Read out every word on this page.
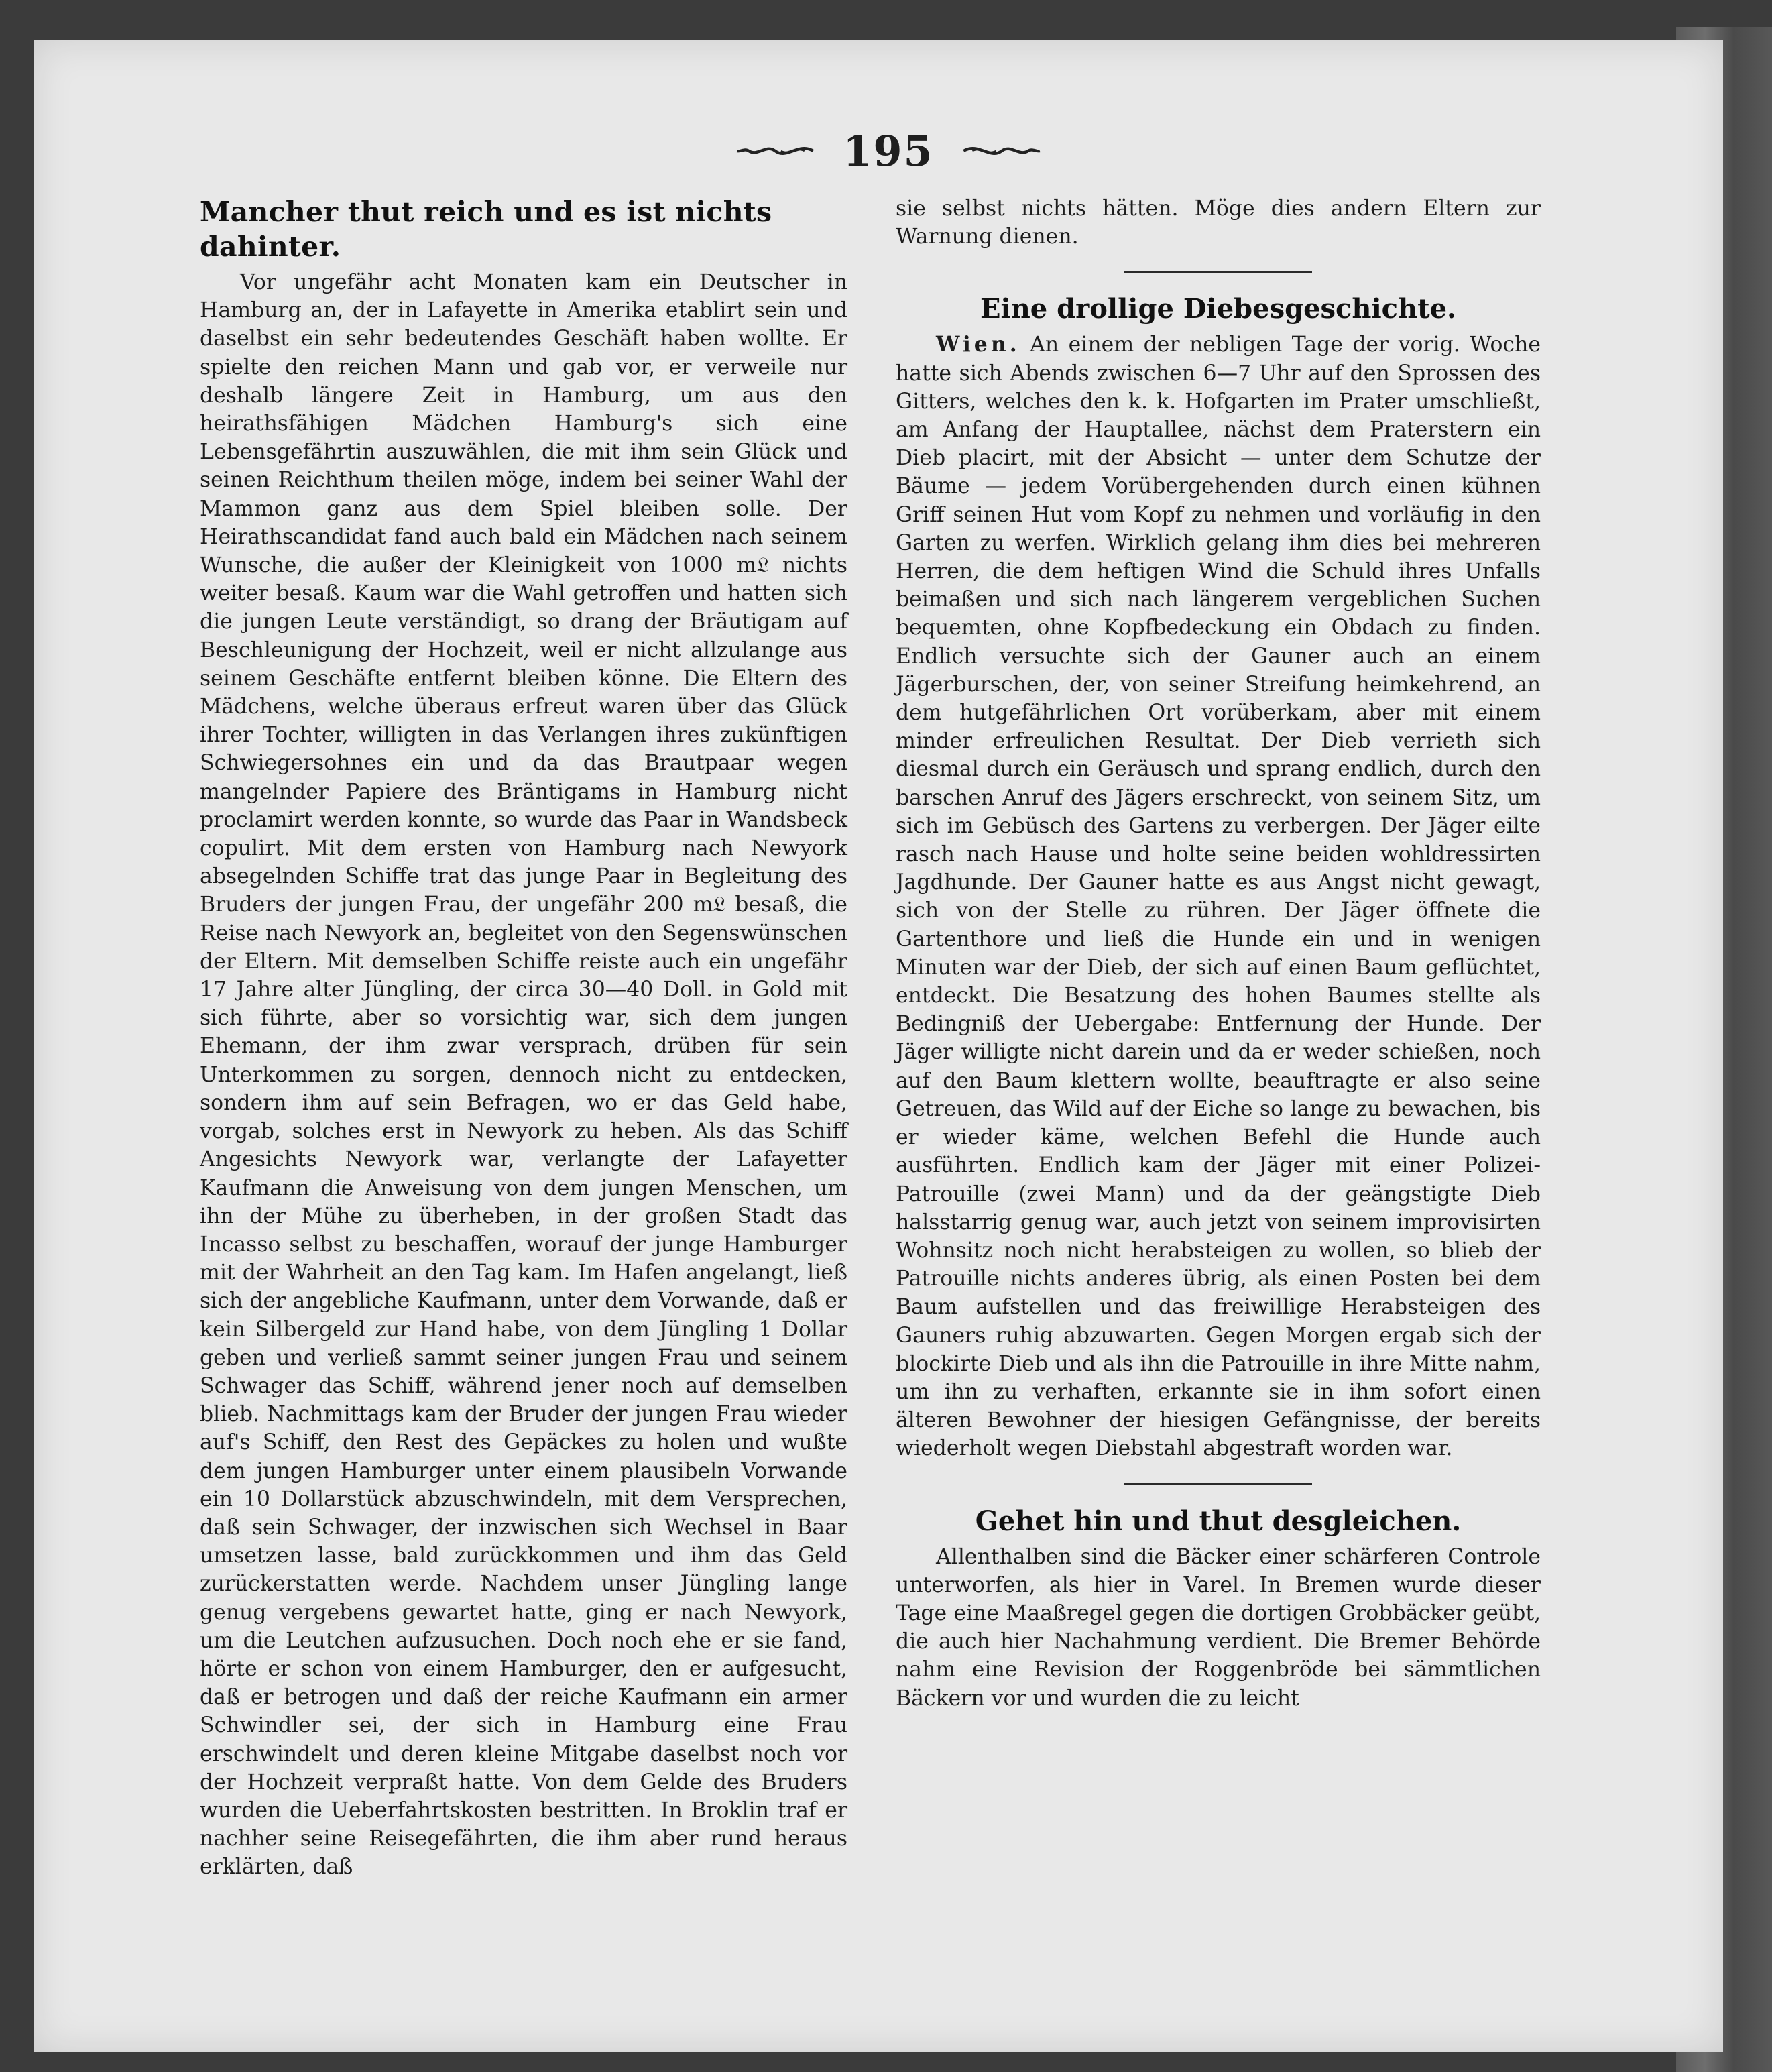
195
Mancher thut reich und es ist nichts dahinter.

Vor ungefähr acht Monaten kam ein Deutscher in Hamburg an, der in Lafayette in Amerika etablirt sein und daselbst ein sehr bedeutendes Geschäft haben wollte. Er spielte den reichen Mann und gab vor, er verweile nur deshalb längere Zeit in Hamburg, um aus den heirathsfähigen Mädchen Hamburg's sich eine Lebensgefährtin auszuwählen, die mit ihm sein Glück und seinen Reichthum theilen möge, indem bei seiner Wahl der Mammon ganz aus dem Spiel bleiben solle. Der Heirathscandidat fand auch bald ein Mädchen nach seinem Wunsche, die außer der Kleinigkeit von 1000 m𝔏 nichts weiter besaß. Kaum war die Wahl getroffen und hatten sich die jungen Leute verständigt, so drang der Bräutigam auf Beschleunigung der Hochzeit, weil er nicht allzulange aus seinem Geschäfte entfernt bleiben könne. Die Eltern des Mädchens, welche überaus erfreut waren über das Glück ihrer Tochter, willigten in das Verlangen ihres zukünftigen Schwiegersohnes ein und da das Brautpaar wegen mangelnder Papiere des Bräntigams in Hamburg nicht proclamirt werden konnte, so wurde das Paar in Wandsbeck copulirt. Mit dem ersten von Hamburg nach Newyork absegelnden Schiffe trat das junge Paar in Begleitung des Bruders der jungen Frau, der ungefähr 200 m𝔏 besaß, die Reise nach Newyork an, begleitet von den Segenswünschen der Eltern. Mit demselben Schiffe reiste auch ein ungefähr 17 Jahre alter Jüngling, der circa 30—40 Doll. in Gold mit sich führte, aber so vorsichtig war, sich dem jungen Ehemann, der ihm zwar versprach, drüben für sein Unterkommen zu sorgen, dennoch nicht zu entdecken, sondern ihm auf sein Befragen, wo er das Geld habe, vorgab, solches erst in Newyork zu heben. Als das Schiff Angesichts Newyork war, verlangte der Lafayetter Kaufmann die Anweisung von dem jungen Menschen, um ihn der Mühe zu überheben, in der großen Stadt das Incasso selbst zu beschaffen, worauf der junge Hamburger mit der Wahrheit an den Tag kam. Im Hafen angelangt, ließ sich der angebliche Kaufmann, unter dem Vorwande, daß er kein Silbergeld zur Hand habe, von dem Jüngling 1 Dollar geben und verließ sammt seiner jungen Frau und seinem Schwager das Schiff, während jener noch auf demselben blieb. Nachmittags kam der Bruder der jungen Frau wieder auf's Schiff, den Rest des Gepäckes zu holen und wußte dem jungen Hamburger unter einem plausibeln Vorwande ein 10 Dollarstück abzuschwindeln, mit dem Versprechen, daß sein Schwager, der inzwischen sich Wechsel in Baar umsetzen lasse, bald zurückkommen und ihm das Geld zurückerstatten werde. Nachdem unser Jüngling lange genug vergebens gewartet hatte, ging er nach Newyork, um die Leutchen aufzusuchen. Doch noch ehe er sie fand, hörte er schon von einem Hamburger, den er aufgesucht, daß er betrogen und daß der reiche Kaufmann ein armer Schwindler sei, der sich in Hamburg eine Frau erschwindelt und deren kleine Mitgabe daselbst noch vor der Hochzeit verpraßt hatte. Von dem Gelde des Bruders wurden die Ueberfahrtskosten bestritten. In Broklin traf er nachher seine Reisegefährten, die ihm aber rund heraus erklärten, daß

sie selbst nichts hätten. Möge dies andern Eltern zur Warnung dienen.

Eine drollige Diebesgeschichte.

Wien. An einem der nebligen Tage der vorig. Woche hatte sich Abends zwischen 6—7 Uhr auf den Sprossen des Gitters, welches den k. k. Hofgarten im Prater umschließt, am Anfang der Hauptallee, nächst dem Praterstern ein Dieb placirt, mit der Absicht — unter dem Schutze der Bäume — jedem Vorübergehenden durch einen kühnen Griff seinen Hut vom Kopf zu nehmen und vorläufig in den Garten zu werfen. Wirklich gelang ihm dies bei mehreren Herren, die dem heftigen Wind die Schuld ihres Unfalls beimaßen und sich nach längerem vergeblichen Suchen bequemten, ohne Kopfbedeckung ein Obdach zu finden. Endlich versuchte sich der Gauner auch an einem Jägerburschen, der, von seiner Streifung heimkehrend, an dem hutgefährlichen Ort vorüberkam, aber mit einem minder erfreulichen Resultat. Der Dieb verrieth sich diesmal durch ein Geräusch und sprang endlich, durch den barschen Anruf des Jägers erschreckt, von seinem Sitz, um sich im Gebüsch des Gartens zu verbergen. Der Jäger eilte rasch nach Hause und holte seine beiden wohldressirten Jagdhunde. Der Gauner hatte es aus Angst nicht gewagt, sich von der Stelle zu rühren. Der Jäger öffnete die Gartenthore und ließ die Hunde ein und in wenigen Minuten war der Dieb, der sich auf einen Baum geflüchtet, entdeckt. Die Besatzung des hohen Baumes stellte als Bedingniß der Uebergabe: Entfernung der Hunde. Der Jäger willigte nicht darein und da er weder schießen, noch auf den Baum klettern wollte, beauftragte er also seine Getreuen, das Wild auf der Eiche so lange zu bewachen, bis er wieder käme, welchen Befehl die Hunde auch ausführten. Endlich kam der Jäger mit einer Polizei-Patrouille (zwei Mann) und da der geängstigte Dieb halsstarrig genug war, auch jetzt von seinem improvisirten Wohnsitz noch nicht herabsteigen zu wollen, so blieb der Patrouille nichts anderes übrig, als einen Posten bei dem Baum aufstellen und das freiwillige Herabsteigen des Gauners ruhig abzuwarten. Gegen Morgen ergab sich der blockirte Dieb und als ihn die Patrouille in ihre Mitte nahm, um ihn zu verhaften, erkannte sie in ihm sofort einen älteren Bewohner der hiesigen Gefängnisse, der bereits wiederholt wegen Diebstahl abgestraft worden war.

Gehet hin und thut desgleichen.

Allenthalben sind die Bäcker einer schärferen Controle unterworfen, als hier in Varel. In Bremen wurde dieser Tage eine Maaßregel gegen die dortigen Grobbäcker geübt, die auch hier Nachahmung verdient. Die Bremer Behörde nahm eine Revision der Roggenbröde bei sämmtlichen Bäckern vor und wurden die zu leicht
